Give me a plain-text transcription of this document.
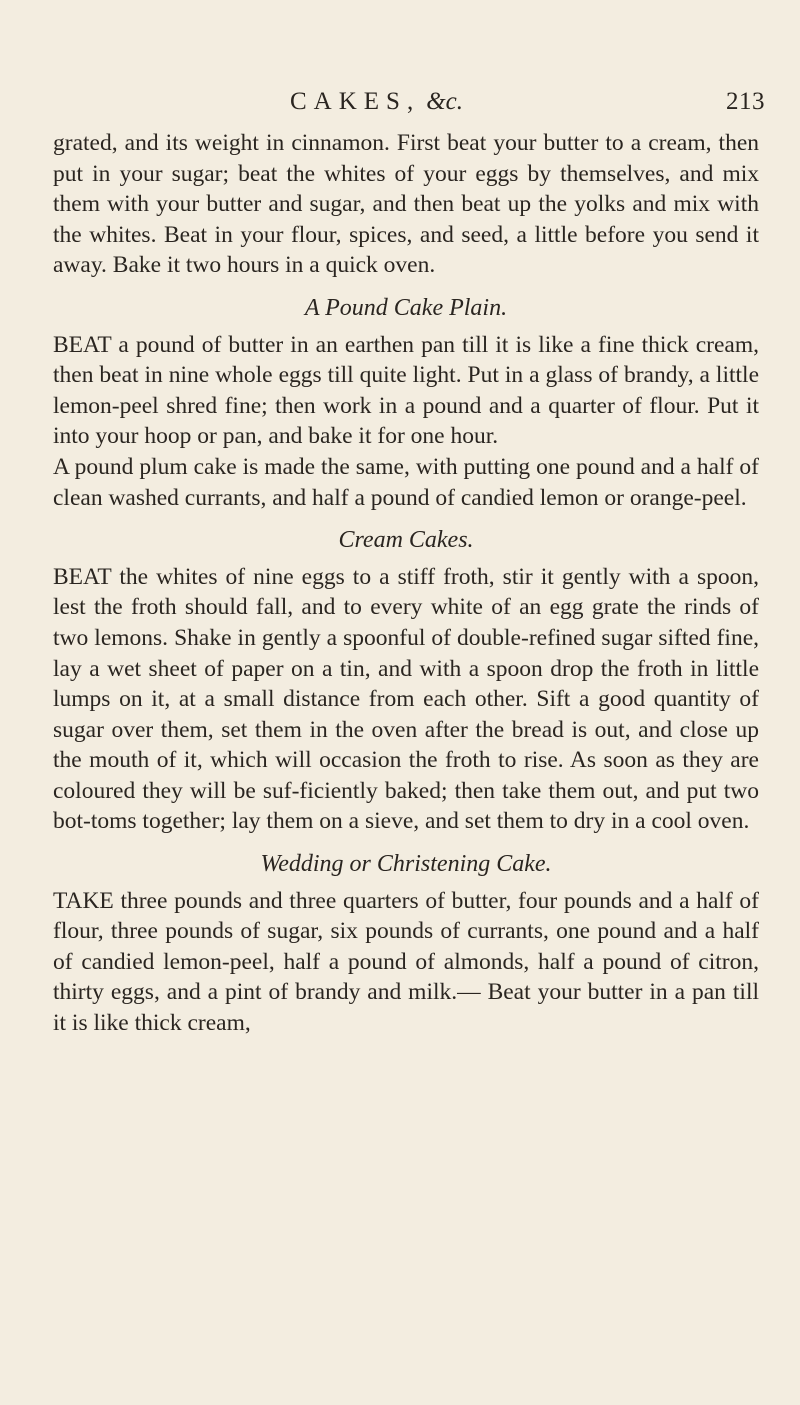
CAKES, &c.	213

grated, and its weight in cinnamon. First beat your butter to a cream, then put in your sugar; beat the whites of your eggs by themselves, and mix them with your butter and sugar, and then beat up the yolks and mix with the whites. Beat in your flour, spices, and seed, a little before you send it away. Bake it two hours in a quick oven.

A Pound Cake Plain.

BEAT a pound of butter in an earthen pan till it is like a fine thick cream, then beat in nine whole eggs till quite light. Put in a glass of brandy, a little lemon-peel shred fine; then work in a pound and a quarter of flour. Put it into your hoop or pan, and bake it for one hour.

A pound plum cake is made the same, with putting one pound and a half of clean washed currants, and half a pound of candied lemon or orange-peel.

Cream Cakes.

BEAT the whites of nine eggs to a stiff froth, stir it gently with a spoon, lest the froth should fall, and to every white of an egg grate the rinds of two lemons. Shake in gently a spoonful of double-refined sugar sifted fine, lay a wet sheet of paper on a tin, and with a spoon drop the froth in little lumps on it, at a small distance from each other. Sift a good quantity of sugar over them, set them in the oven after the bread is out, and close up the mouth of it, which will occasion the froth to rise. As soon as they are coloured they will be suf-ficiently baked; then take them out, and put two bot-toms together; lay them on a sieve, and set them to dry in a cool oven.

Wedding or Christening Cake.

TAKE three pounds and three quarters of butter, four pounds and a half of flour, three pounds of sugar, six pounds of currants, one pound and a half of candied lemon-peel, half a pound of almonds, half a pound of citron, thirty eggs, and a pint of brandy and milk.— Beat your butter in a pan till it is like thick cream,
